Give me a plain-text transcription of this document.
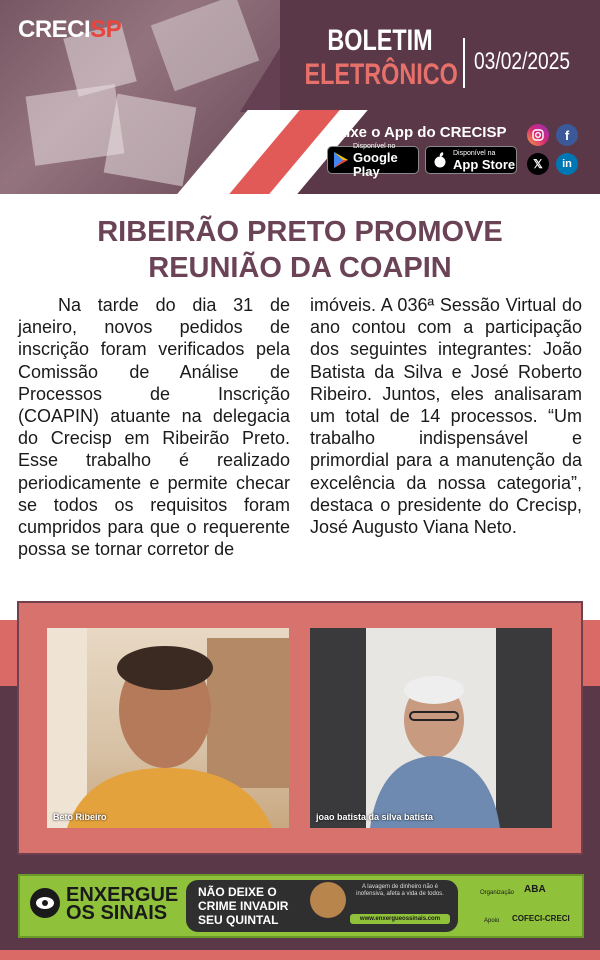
CRECISP	BOLETIM
ELETRÔNICO 03/02/2025
Baixe o App do CRECISP
Disponível no
Google Play
Disponível na
App Store
f
𝕏	in
RIBEIRÃO PRETO PROMOVE
REUNIÃO DA COAPIN
Na tarde do dia 31 de janeiro, novos pedidos de inscrição foram verificados pela Comissão de Análise de Processos de Inscrição (COAPIN) atuante na delegacia do Crecisp em Ribeirão Preto. Esse trabalho é realizado periodicamente e permite checar se todos os requisitos foram cumpridos para que o requerente possa se tornar corretor de
imóveis. A 036ª Sessão Virtual do ano contou com a participação dos seguintes integrantes: João Batista da Silva e José Roberto Ribeiro. Juntos, eles analisaram um total de 14 processos. “Um trabalho indispensável e primordial para a manutenção da excelência da nossa categoria”, destaca o presidente do Crecisp, José Augusto Viana Neto.
Beto Ribeiro	joao batista da silva batista
ENXERGUE
OS SINAIS
NÃO DEIXE O
CRIME INVADIR
SEU QUINTAL
A lavagem de dinheiro não é inofensiva, afeta a vida de todos.
www.enxergueossinais.com
Organização ABA
Apoio COFECI-CRECI
